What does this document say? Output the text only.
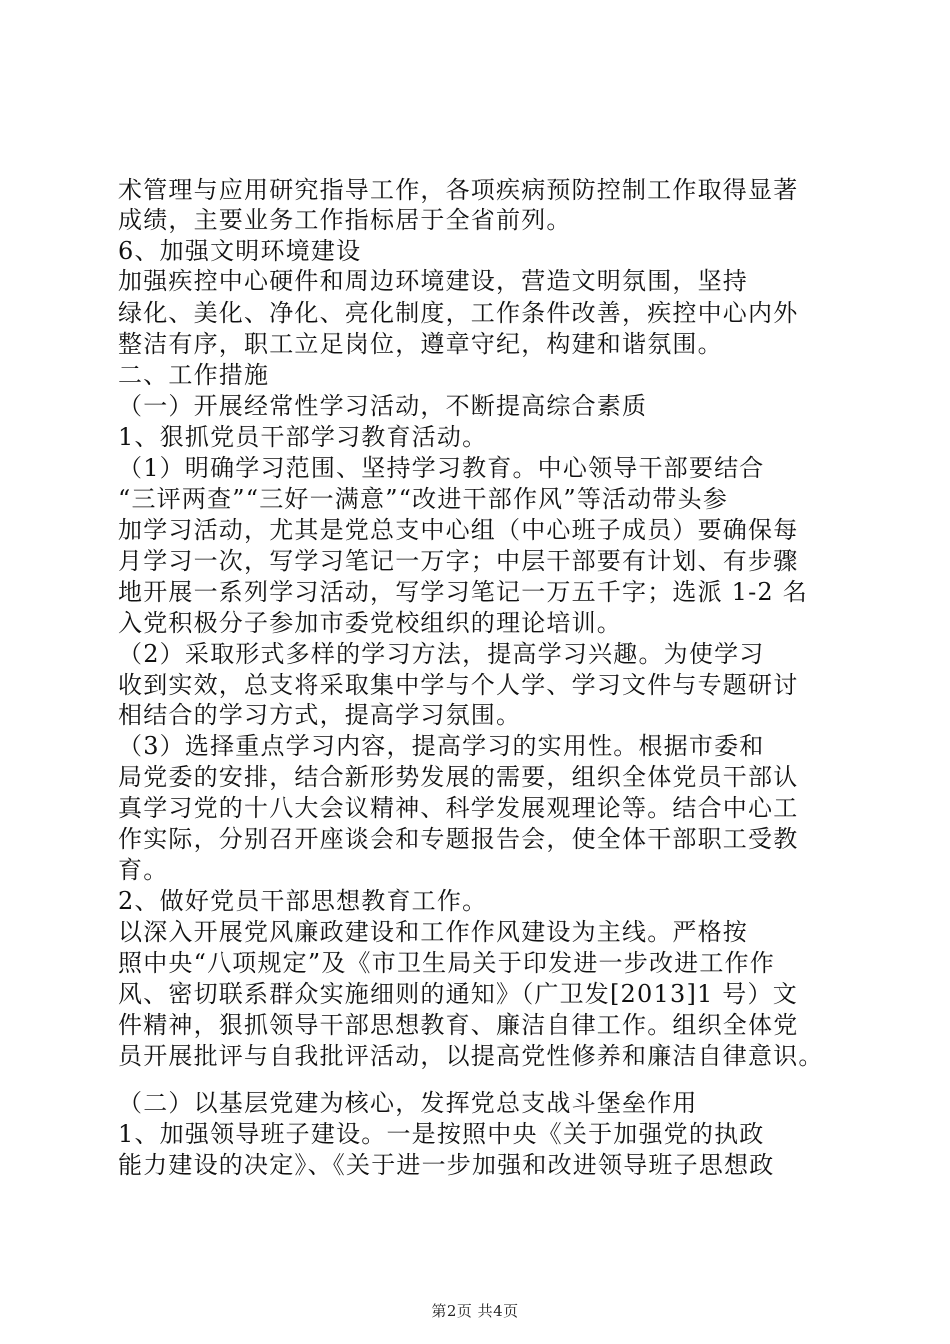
术管理与应用研究指导工作，各项疾病预防控制工作取得显著
成绩，主要业务工作指标居于全省前列。
6、加强文明环境建设
加强疾控中心硬件和周边环境建设，营造文明氛围，坚持
绿化、美化、净化、亮化制度，工作条件改善，疾控中心内外
整洁有序，职工立足岗位，遵章守纪，构建和谐氛围。
二、工作措施
（一）开展经常性学习活动，不断提高综合素质
1、狠抓党员干部学习教育活动。
（1）明确学习范围、坚持学习教育。中心领导干部要结合
“三评两查”“三好一满意”“改进干部作风”等活动带头参
加学习活动，尤其是党总支中心组（中心班子成员）要确保每
月学习一次，写学习笔记一万字；中层干部要有计划、有步骤
地开展一系列学习活动，写学习笔记一万五千字；选派 1-2 名
入党积极分子参加市委党校组织的理论培训。
（2）采取形式多样的学习方法，提高学习兴趣。为使学习
收到实效，总支将采取集中学与个人学、学习文件与专题研讨
相结合的学习方式，提高学习氛围。
（3）选择重点学习内容，提高学习的实用性。根据市委和
局党委的安排，结合新形势发展的需要，组织全体党员干部认
真学习党的十八大会议精神、科学发展观理论等。结合中心工
作实际，分别召开座谈会和专题报告会，使全体干部职工受教
育。
2、做好党员干部思想教育工作。
以深入开展党风廉政建设和工作作风建设为主线。严格按
照中央“八项规定”及《市卫生局关于印发进一步改进工作作
风、密切联系群众实施细则的通知》（广卫发[2013]1 号）文
件精神，狠抓领导干部思想教育、廉洁自律工作。组织全体党
员开展批评与自我批评活动，以提高党性修养和廉洁自律意识。
（二）以基层党建为核心，发挥党总支战斗堡垒作用
1、加强领导班子建设。一是按照中央《关于加强党的执政
能力建设的决定》、《关于进一步加强和改进领导班子思想政
第2页 共4页
